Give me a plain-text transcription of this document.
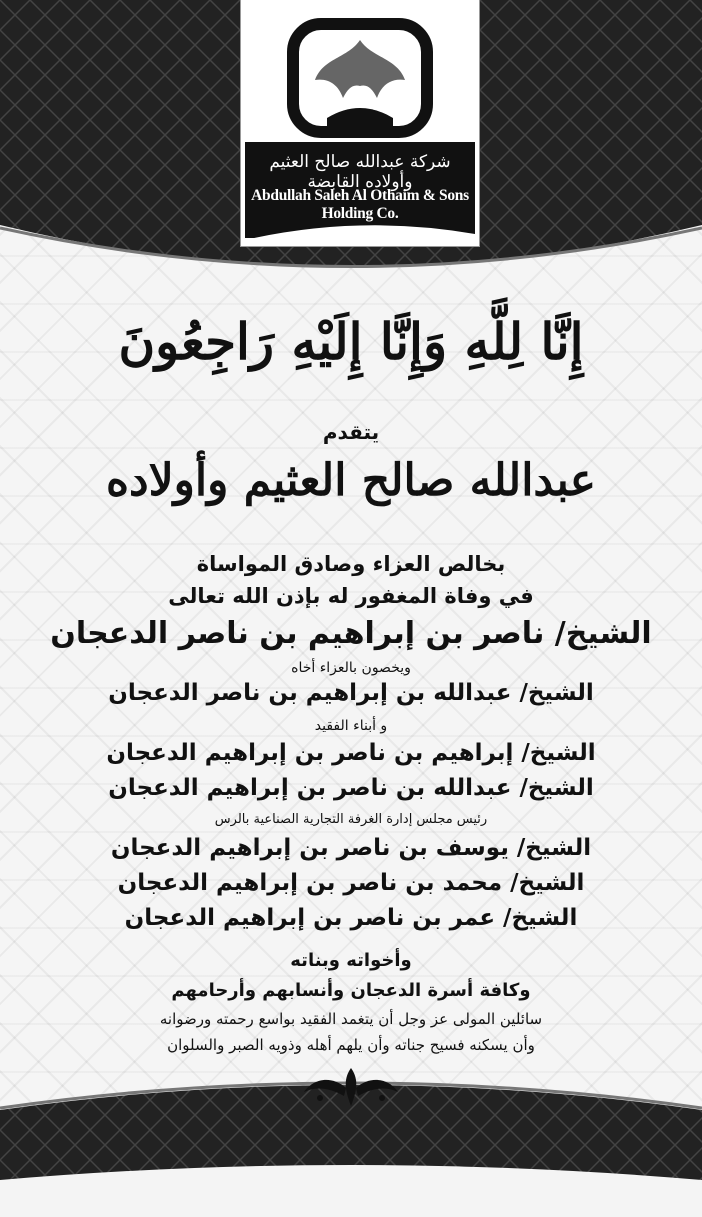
شركة عبدالله صالح العثيم وأولاده القابضة
Abdullah Saleh Al Othaim & Sons Holding Co.
إِنَّا لِلَّهِ وَإِنَّا إِلَيْهِ رَاجِعُونَ
يتقدم
عبدالله صالح العثيم وأولاده
بخالص العزاء وصادق المواساة
في وفاة المغفور له بإذن الله تعالى
الشيخ/ ناصر بن إبراهيم بن ناصر الدعجان
ويخصون بالعزاء أخاه
الشيخ/ عبدالله بن إبراهيم بن ناصر الدعجان
و أبناء الفقيد
الشيخ/ إبراهيم بن ناصر بن إبراهيم الدعجان
الشيخ/ عبدالله بن ناصر بن إبراهيم الدعجان
رئيس مجلس إدارة الغرفة التجارية الصناعية بالرس
الشيخ/ يوسف بن ناصر بن إبراهيم الدعجان
الشيخ/ محمد بن ناصر بن إبراهيم الدعجان
الشيخ/ عمر بن ناصر بن إبراهيم الدعجان
وأخواته وبناته
وكافة أسرة الدعجان وأنسابهم وأرحامهم
سائلين المولى عز وجل أن يتغمد الفقيد بواسع رحمته ورضوانه
وأن يسكنه فسيح جناته وأن يلهم أهله وذويه الصبر والسلوان
